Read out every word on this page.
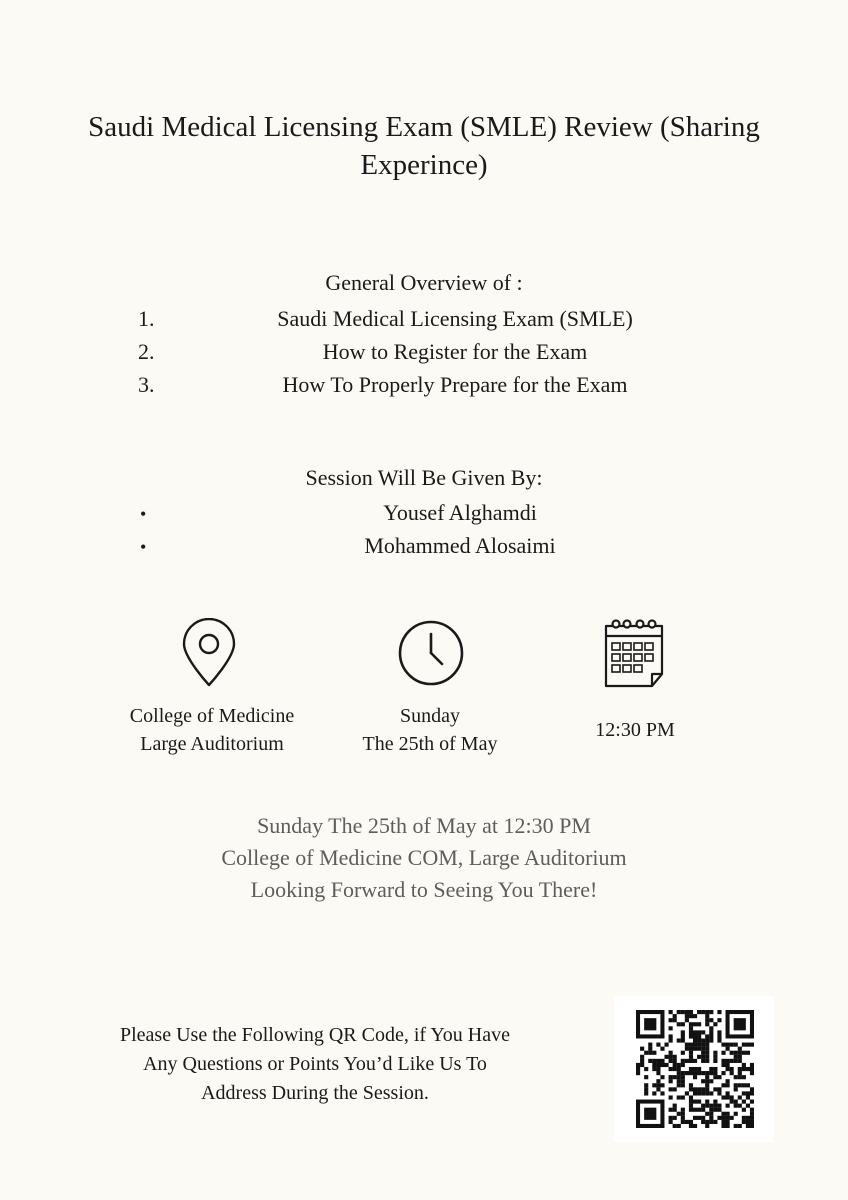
Saudi Medical Licensing Exam (SMLE) Review (Sharing Experince)

General Overview of :

1.	Saudi Medical Licensing Exam (SMLE)
2.	How to Register for the Exam
3.	How To Properly Prepare for the Exam

Session Will Be Given By:

•	Yousef Alghamdi
•	Mohammed Alosaimi
College of Medicine
Large Auditorium
Sunday
The 25th of May
12:30 PM
Sunday The 25th of May at 12:30 PM
College of Medicine COM, Large Auditorium
Looking Forward to Seeing You There!
Please Use the Following QR Code, if You Have
Any Questions or Points You’d Like Us To
Address During the Session.
